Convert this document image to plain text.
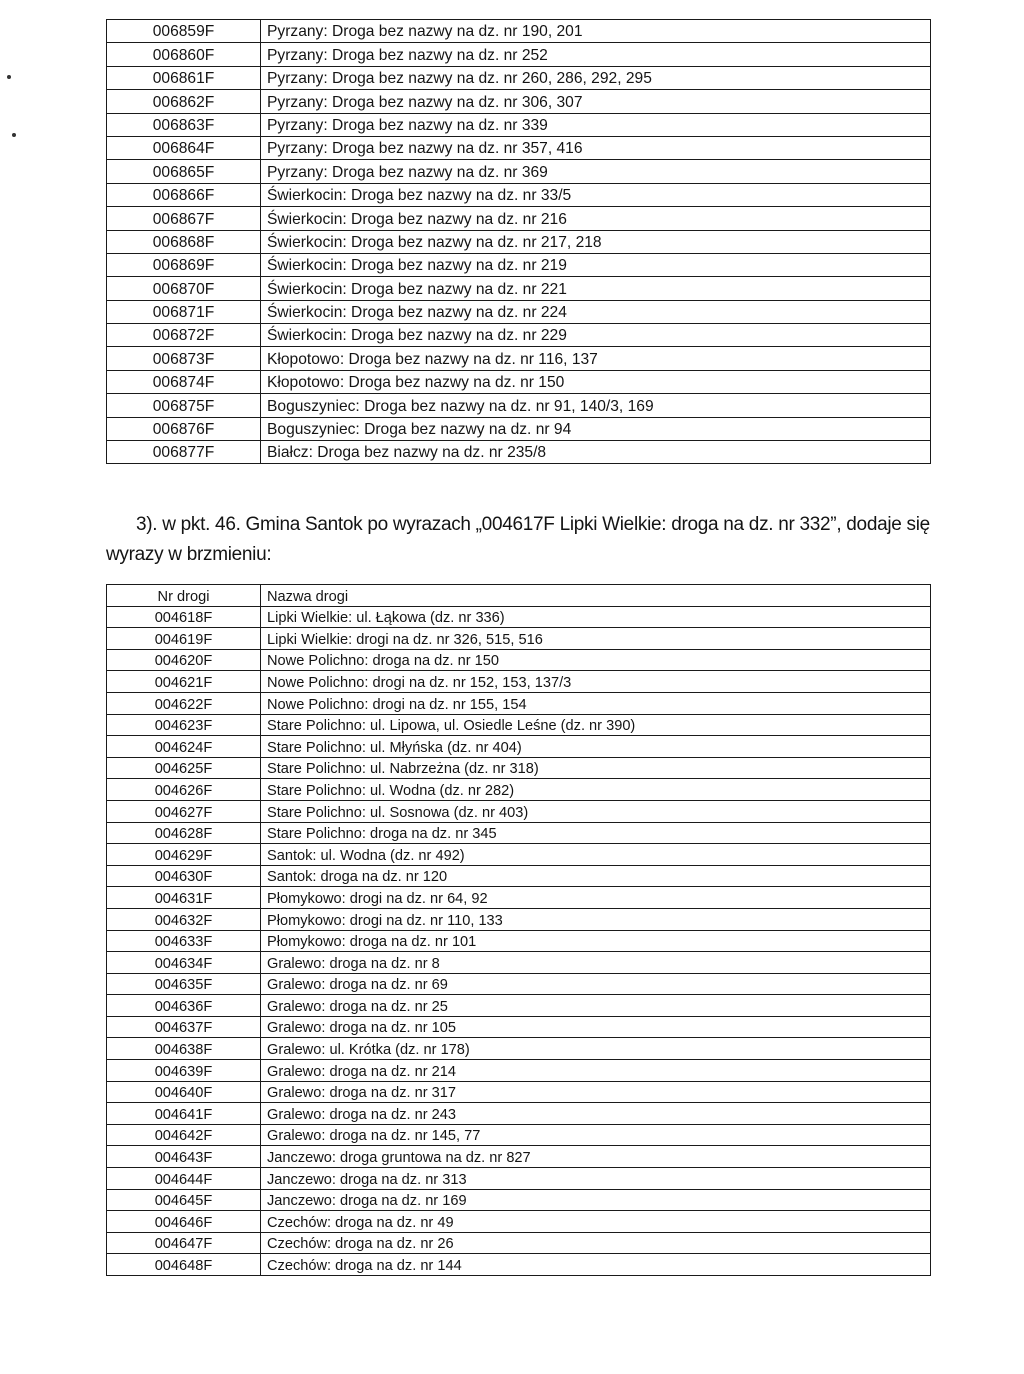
006859F	Pyrzany: Droga bez nazwy na dz. nr 190, 201
006860F	Pyrzany: Droga bez nazwy na dz. nr 252
006861F	Pyrzany: Droga bez nazwy na dz. nr 260, 286, 292, 295
006862F	Pyrzany: Droga bez nazwy na dz. nr 306, 307
006863F	Pyrzany: Droga bez nazwy na dz. nr 339
006864F	Pyrzany: Droga bez nazwy na dz. nr 357, 416
006865F	Pyrzany: Droga bez nazwy na dz. nr 369
006866F	Świerkocin: Droga bez nazwy na dz. nr 33/5
006867F	Świerkocin: Droga bez nazwy na dz. nr 216
006868F	Świerkocin: Droga bez nazwy na dz. nr 217, 218
006869F	Świerkocin: Droga bez nazwy na dz. nr 219
006870F	Świerkocin: Droga bez nazwy na dz. nr 221
006871F	Świerkocin: Droga bez nazwy na dz. nr 224
006872F	Świerkocin: Droga bez nazwy na dz. nr 229
006873F	Kłopotowo: Droga bez nazwy na dz. nr 116, 137
006874F	Kłopotowo: Droga bez nazwy na dz. nr 150
006875F	Boguszyniec: Droga bez nazwy na dz. nr 91, 140/3, 169
006876F	Boguszyniec: Droga bez nazwy na dz. nr 94
006877F	Białcz: Droga bez nazwy na dz. nr 235/8

3). w pkt. 46. Gmina Santok po wyrazach „004617F Lipki Wielkie: droga na dz. nr 332”, dodaje się
wyrazy w brzmieniu:

Nr drogi	Nazwa drogi
004618F	Lipki Wielkie: ul. Łąkowa (dz. nr 336)
004619F	Lipki Wielkie: drogi na dz. nr 326, 515, 516
004620F	Nowe Polichno: droga na dz. nr 150
004621F	Nowe Polichno: drogi na dz. nr 152, 153, 137/3
004622F	Nowe Polichno: drogi na dz. nr 155, 154
004623F	Stare Polichno: ul. Lipowa, ul. Osiedle Leśne (dz. nr 390)
004624F	Stare Polichno: ul. Młyńska (dz. nr 404)
004625F	Stare Polichno: ul. Nabrzeżna (dz. nr 318)
004626F	Stare Polichno: ul. Wodna (dz. nr 282)
004627F	Stare Polichno: ul. Sosnowa (dz. nr 403)
004628F	Stare Polichno: droga na dz. nr 345
004629F	Santok: ul. Wodna (dz. nr 492)
004630F	Santok: droga na dz. nr 120
004631F	Płomykowo: drogi na dz. nr 64, 92
004632F	Płomykowo: drogi na dz. nr 110, 133
004633F	Płomykowo: droga na dz. nr 101
004634F	Gralewo: droga na dz. nr 8
004635F	Gralewo: droga na dz. nr 69
004636F	Gralewo: droga na dz. nr 25
004637F	Gralewo: droga na dz. nr 105
004638F	Gralewo: ul. Krótka (dz. nr 178)
004639F	Gralewo: droga na dz. nr 214
004640F	Gralewo: droga na dz. nr 317
004641F	Gralewo: droga na dz. nr 243
004642F	Gralewo: droga na dz. nr 145, 77
004643F	Janczewo: droga gruntowa na dz. nr 827
004644F	Janczewo: droga na dz. nr 313
004645F	Janczewo: droga na dz. nr 169
004646F	Czechów: droga na dz. nr 49
004647F	Czechów: droga na dz. nr 26
004648F	Czechów: droga na dz. nr 144
